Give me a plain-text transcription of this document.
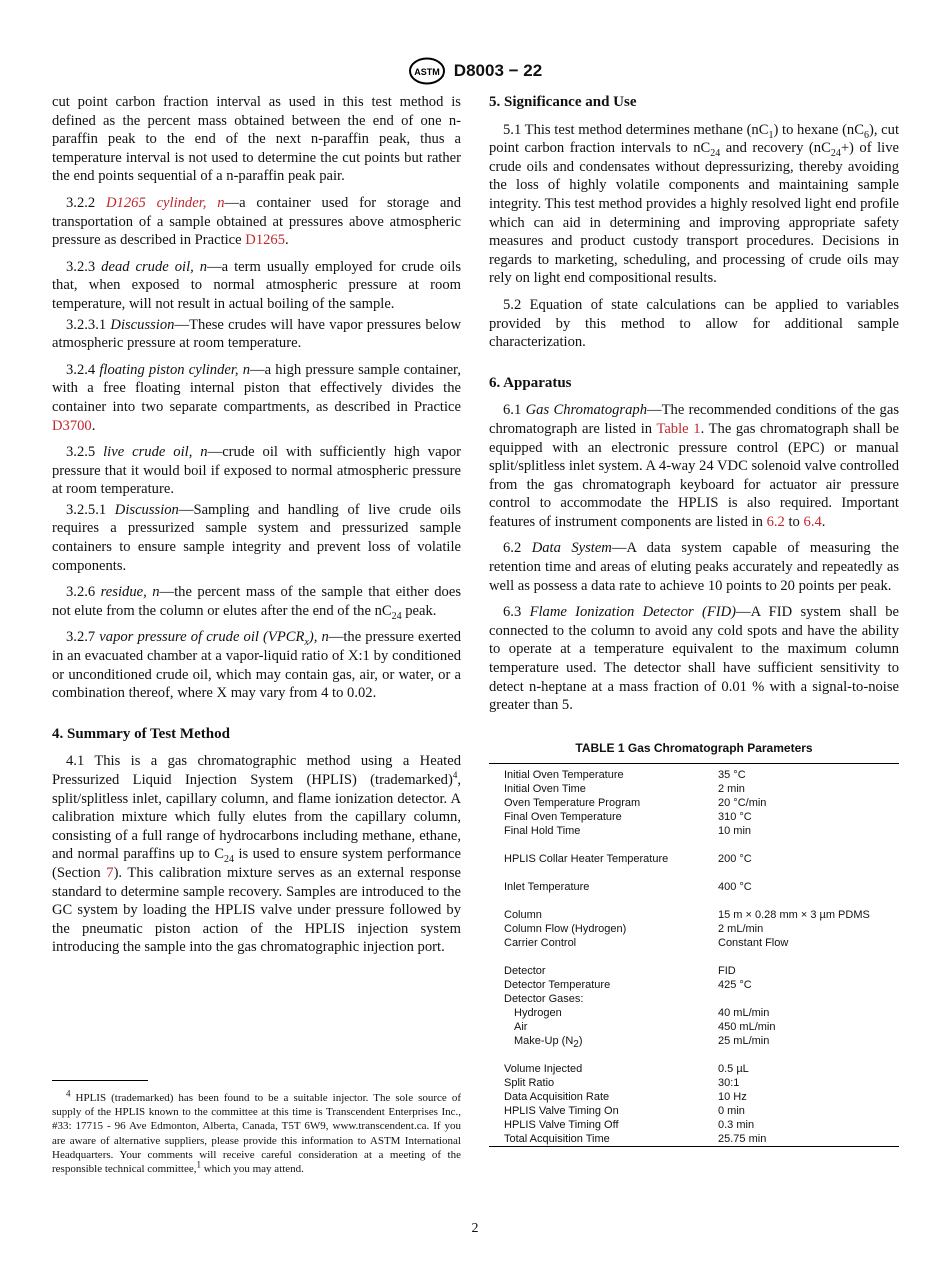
ASTM D8003 − 22

cut point carbon fraction interval as used in this test method is defined as the percent mass obtained between the end of one n-paraffin peak to the end of the next n-paraffin peak, thus a temperature interval is not used to determine the cut points but rather the end points sequential of a n-paraffin peak pair.

3.2.2 D1265 cylinder, n—a container used for storage and transportation of a sample obtained at pressures above atmospheric pressure as described in Practice D1265.

3.2.3 dead crude oil, n—a term usually employed for crude oils that, when exposed to normal atmospheric pressure at room temperature, will not result in actual boiling of the sample.

3.2.3.1 Discussion—These crudes will have vapor pressures below atmospheric pressure at room temperature.

3.2.4 floating piston cylinder, n—a high pressure sample container, with a free floating internal piston that effectively divides the container into two separate compartments, as described in Practice D3700.

3.2.5 live crude oil, n—crude oil with sufficiently high vapor pressure that it would boil if exposed to normal atmospheric pressure at room temperature.

3.2.5.1 Discussion—Sampling and handling of live crude oils requires a pressurized sample system and pressurized sample containers to ensure sample integrity and prevent loss of volatile components.

3.2.6 residue, n—the percent mass of the sample that either does not elute from the column or elutes after the end of the $nC_{24}$ peak.

3.2.7 vapor pressure of crude oil $(VPCR_x)$, n—the pressure exerted in an evacuated chamber at a vapor-liquid ratio of X:1 by conditioned or unconditioned crude oil, which may contain gas, air, or water, or a combination thereof, where X may vary from 4 to 0.02.

4. Summary of Test Method

4.1 This is a gas chromatographic method using a Heated Pressurized Liquid Injection System (HPLIS) (trademarked)$^4$, split/splitless inlet, capillary column, and flame ionization detector. A calibration mixture which fully elutes from the capillary column, consisting of a full range of hydrocarbons including methane, ethane, and normal paraffins up to $C_{24}$ is used to ensure system performance (Section 7). This calibration mixture serves as an external response standard to determine sample recovery. Samples are introduced to the GC system by loading the HPLIS valve under pressure followed by the pneumatic piston action of the HPLIS injection system introducing the sample into the gas chromatographic injection port.

$^4$ HPLIS (trademarked) has been found to be a suitable injector. The sole source of supply of the HPLIS known to the committee at this time is Transcendent Enterprises Inc., #33: 17715 - 96 Ave Edmonton, Alberta, Canada, T5T 6W9, www.transcendent.ca. If you are aware of alternative suppliers, please provide this information to ASTM International Headquarters. Your comments will receive careful consideration at a meeting of the responsible technical committee,$^1$ which you may attend.
5. Significance and Use

5.1 This test method determines methane $(nC_1)$ to hexane $(nC_6)$, cut point carbon fraction intervals to $nC_{24}$ and recovery $(nC_{24}+)$ of live crude oils and condensates without depressurizing, thereby avoiding the loss of highly volatile components and maintaining sample integrity. This test method provides a highly resolved light end profile which can aid in determining and improving appropriate safety measures and product custody transport procedures. Decisions in regards to marketing, scheduling, and processing of crude oils may rely on light end compositional results.

5.2 Equation of state calculations can be applied to variables provided by this method to allow for additional sample characterization.

6. Apparatus

6.1 Gas Chromatograph—The recommended conditions of the gas chromatograph are listed in Table 1. The gas chromatograph shall be equipped with an electronic pressure control (EPC) or manual split/splitless inlet system. A 4-way 24 VDC solenoid valve controlled from the gas chromatograph keyboard for actuator air pressure control to accommodate the HPLIS is also required. Important features of instrument components are listed in 6.2 to 6.4.

6.2 Data System—A data system capable of measuring the retention time and areas of eluting peaks accurately and repeatedly as well as possess a data rate to achieve 10 points to 20 points per peak.

6.3 Flame Ionization Detector (FID)—A FID system shall be connected to the column to avoid any cold spots and have the ability to operate at a temperature equivalent to the maximum column temperature used. The detector shall have sufficient sensitivity to detect n-heptane at a mass fraction of 0.01 % with a signal-to-noise greater than 5.

TABLE 1 Gas Chromatograph Parameters
Initial Oven Temperature	35 °C
Initial Oven Time	2 min
Oven Temperature Program	20 °C/min
Final Oven Temperature	310 °C
Final Hold Time	10 min

HPLIS Collar Heater Temperature	200 °C

Inlet Temperature	400 °C

Column	15 m × 0.28 mm × 3 µm PDMS
Column Flow (Hydrogen)	2 mL/min
Carrier Control	Constant Flow

Detector	FID
Detector Temperature	425 °C
Detector Gases:	
Hydrogen	40 mL/min
Air	450 mL/min
Make-Up $(N_2)$	25 mL/min

Volume Injected	0.5 µL
Split Ratio	30:1
Data Acquisition Rate	10 Hz
HPLIS Valve Timing On	0 min
HPLIS Valve Timing Off	0.3 min
Total Acquisition Time	25.75 min
2
